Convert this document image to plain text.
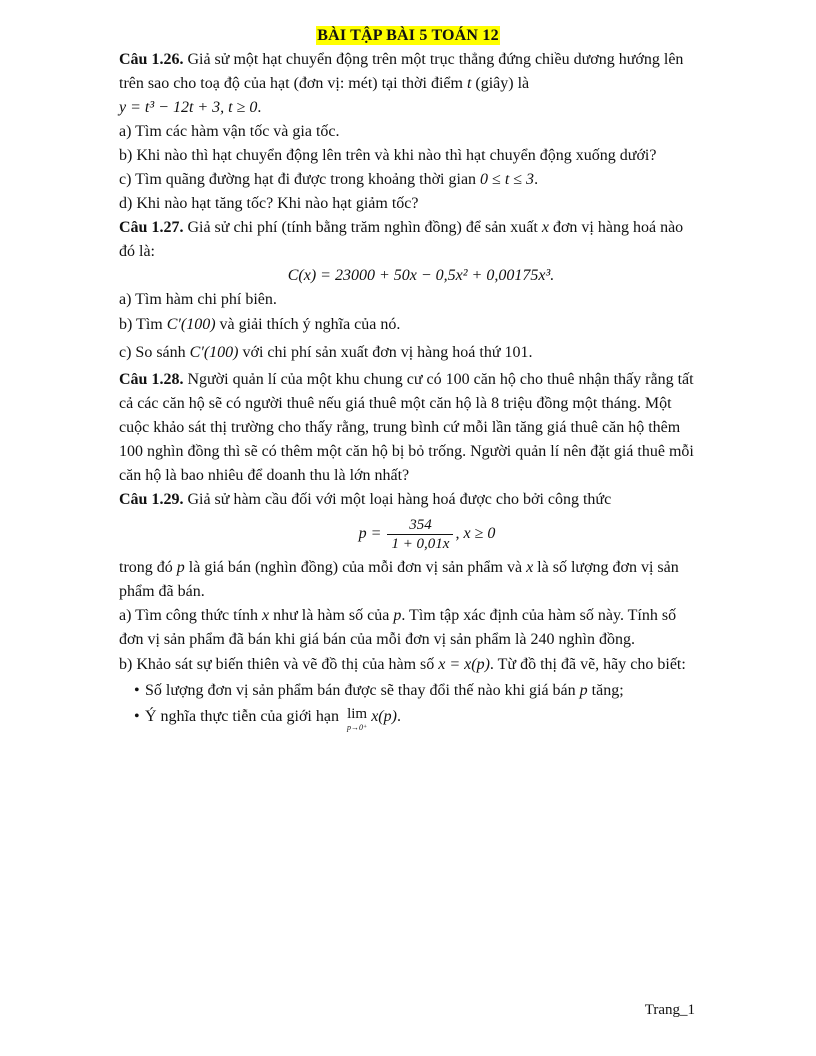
BÀI TẬP BÀI 5 TOÁN 12

Câu 1.26. Giả sử một hạt chuyển động trên một trục thẳng đứng chiều dương hướng lên trên sao cho toạ độ của hạt (đơn vị: mét) tại thời điểm t (giây) là

y = t³ − 12t + 3, t ≥ 0.

a) Tìm các hàm vận tốc và gia tốc.

b) Khi nào thì hạt chuyển động lên trên và khi nào thì hạt chuyển động xuống dưới?

c) Tìm quãng đường hạt đi được trong khoảng thời gian 0 ≤ t ≤ 3.

d) Khi nào hạt tăng tốc? Khi nào hạt giảm tốc?

Câu 1.27. Giả sử chi phí (tính bằng trăm nghìn đồng) để sản xuất x đơn vị hàng hoá nào đó là:

C(x) = 23000 + 50x − 0,5x² + 0,00175x³.

a) Tìm hàm chi phí biên.

b) Tìm C′(100) và giải thích ý nghĩa của nó.

c) So sánh C′(100) với chi phí sản xuất đơn vị hàng hoá thứ 101.

Câu 1.28. Người quản lí của một khu chung cư có 100 căn hộ cho thuê nhận thấy rằng tất cả các căn hộ sẽ có người thuê nếu giá thuê một căn hộ là 8 triệu đồng một tháng. Một cuộc khảo sát thị trường cho thấy rằng, trung bình cứ mỗi lần tăng giá thuê căn hộ thêm 100 nghìn đồng thì sẽ có thêm một căn hộ bị bỏ trống. Người quản lí nên đặt giá thuê mỗi căn hộ là bao nhiêu để doanh thu là lớn nhất?

Câu 1.29. Giả sử hàm cầu đối với một loại hàng hoá được cho bởi công thức

$p = \frac{354}{1 + 0,01x}$ , x ≥ 0

trong đó p là giá bán (nghìn đồng) của mỗi đơn vị sản phẩm và x là số lượng đơn vị sản phẩm đã bán.

a) Tìm công thức tính x như là hàm số của p. Tìm tập xác định của hàm số này. Tính số đơn vị sản phẩm đã bán khi giá bán của mỗi đơn vị sản phẩm là 240 nghìn đồng.

b) Khảo sát sự biến thiên và vẽ đồ thị của hàm số x = x(p). Từ đồ thị đã vẽ, hãy cho biết:

• Số lượng đơn vị sản phẩm bán được sẽ thay đổi thế nào khi giá bán p tăng;
• Ý nghĩa thực tiễn của giới hạn lim
p→0⁺
x(p).
Trang_1
